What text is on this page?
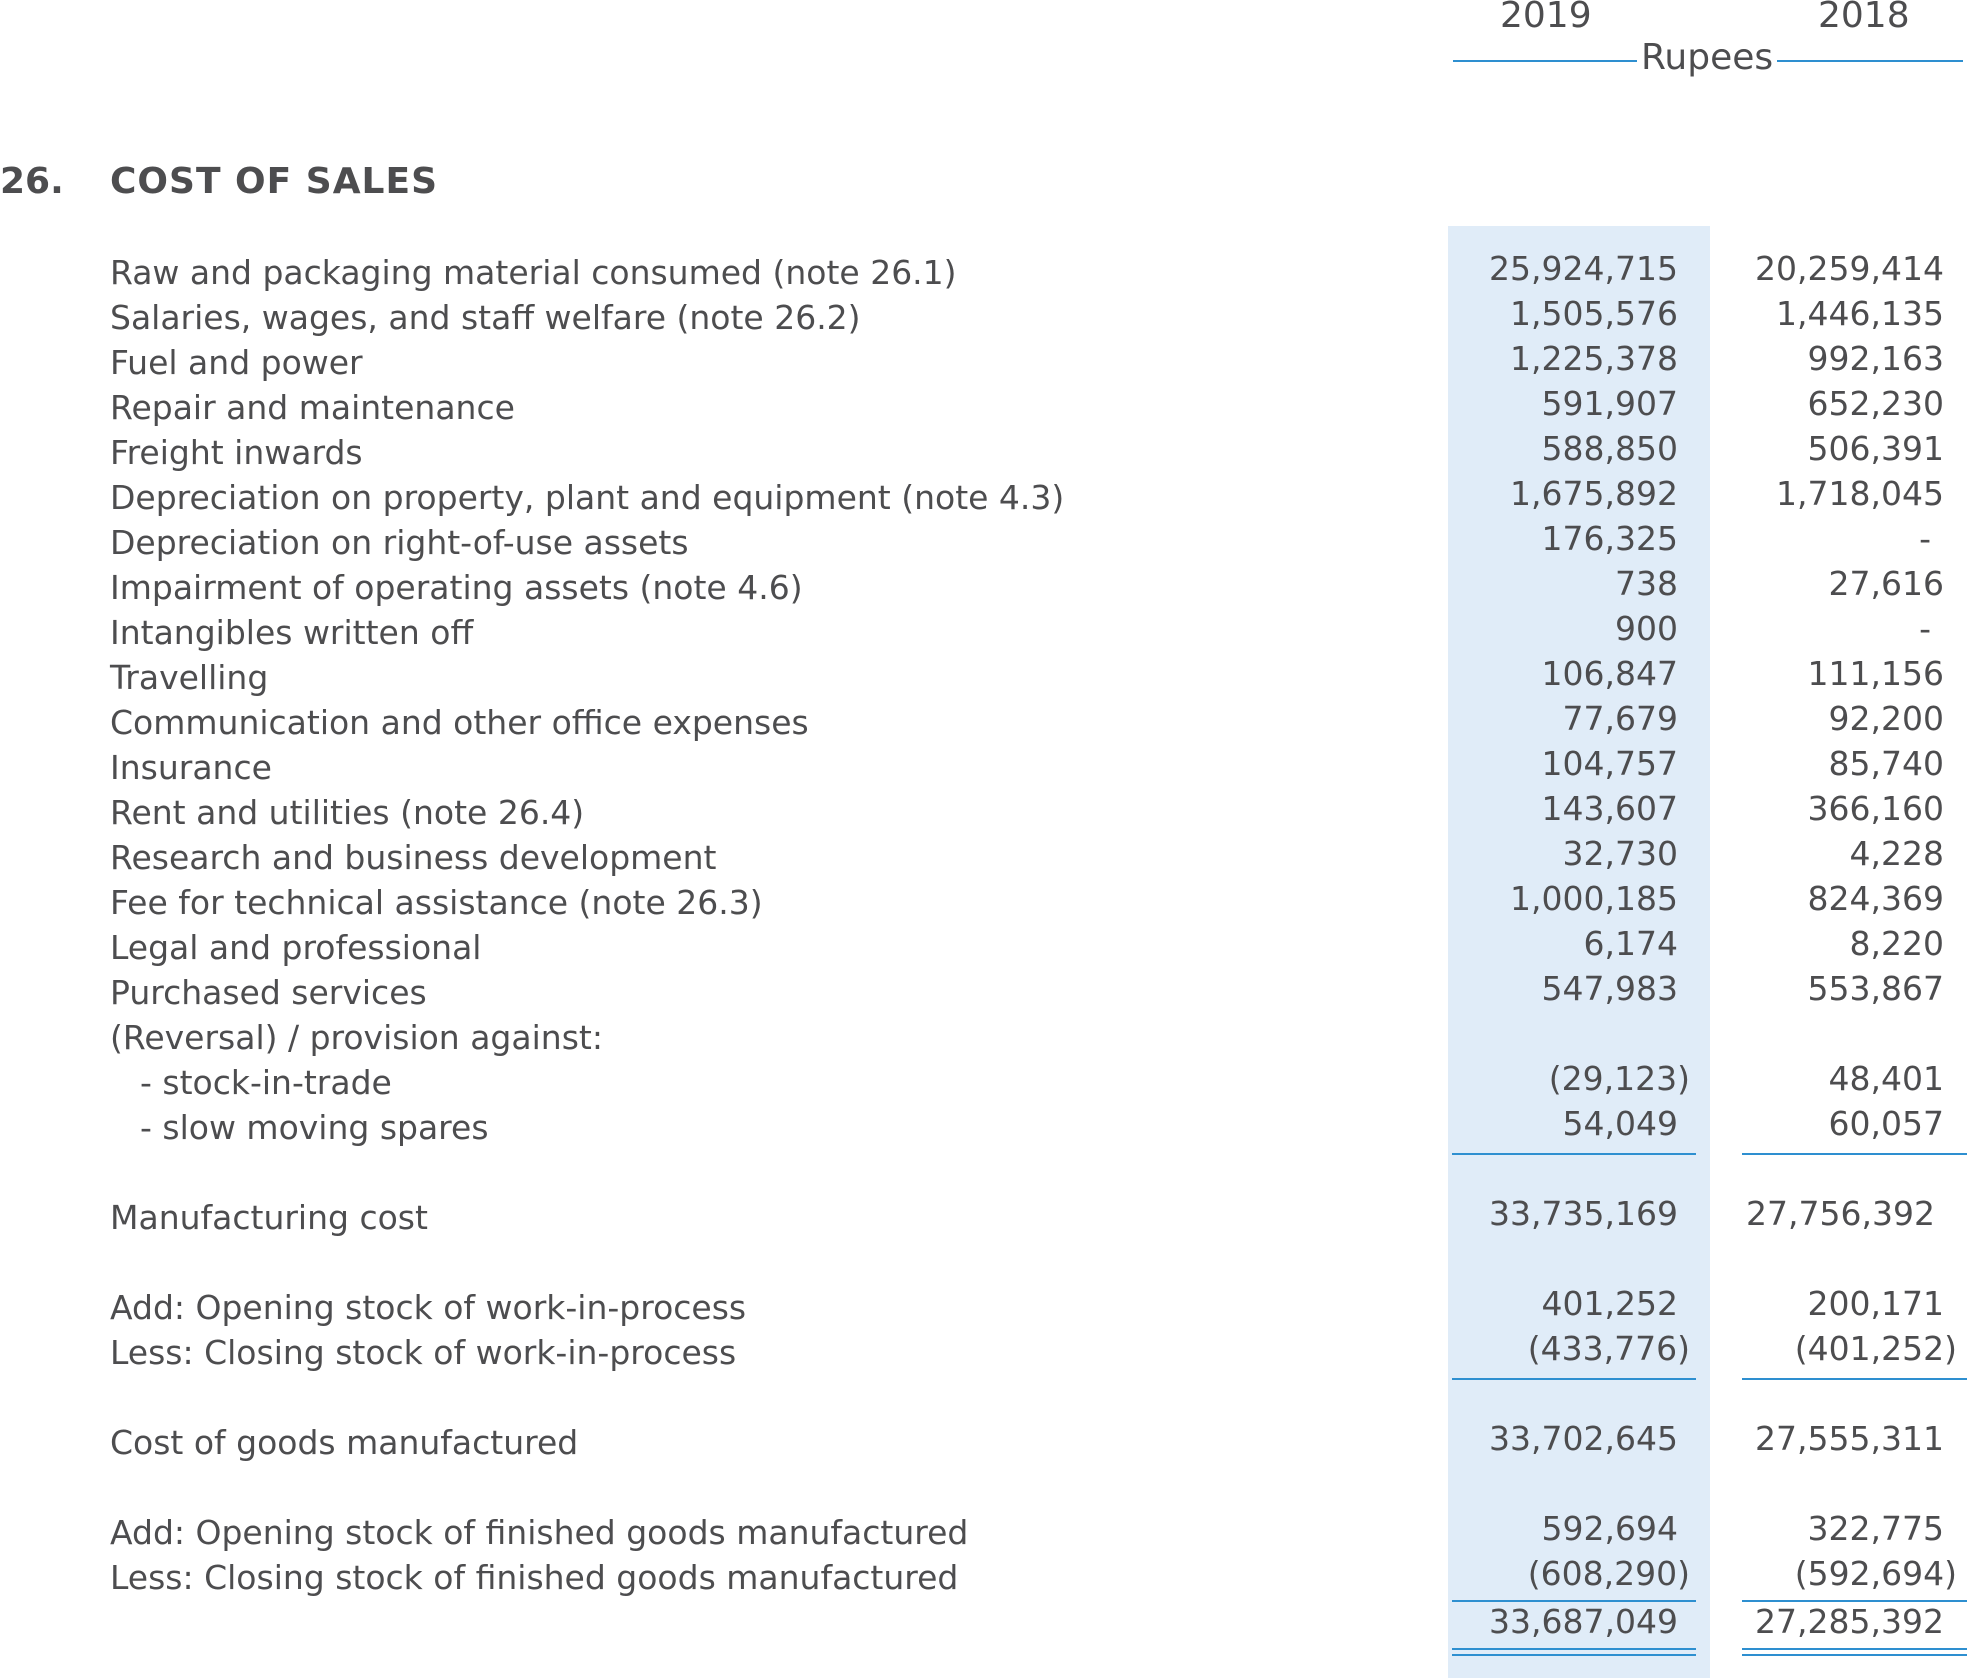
2019	2018
Rupees
26. COST OF SALES
Raw and packaging material consumed (note 26.1)	25,924,715 20,259,414
Salaries, wages, and staff welfare (note 26.2)	1,505,576	1,446,135
Fuel and power	1,225,378	992,163
Repair and maintenance	591,907	652,230
Freight inwards	588,850	506,391
Depreciation on property, plant and equipment (note 4.3)	1,675,892	1,718,045
Depreciation on right-of-use assets	176,325	-
Impairment of operating assets (note 4.6)	738	27,616
Intangibles written off	900	-
Travelling	106,847	111,156
Communication and other office expenses	77,679	92,200
Insurance	104,757	85,740
Rent and utilities (note 26.4)	143,607	366,160
Research and business development	32,730	4,228
Fee for technical assistance (note 26.3)	1,000,185	824,369
Legal and professional	6,174	8,220
Purchased services	547,983	553,867
(Reversal) / provision against:
- stock-in-trade	(29,123)	48,401
- slow moving spares	54,049	60,057
Manufacturing cost	33,735,169 27,756,392
Add: Opening stock of work-in-process	401,252	200,171
Less: Closing stock of work-in-process	(433,776)	(401,252)
Cost of goods manufactured	33,702,645 27,555,311
Add: Opening stock of finished goods manufactured	592,694	322,775
Less: Closing stock of finished goods manufactured	(608,290)	(592,694)
33,687,049 27,285,392
